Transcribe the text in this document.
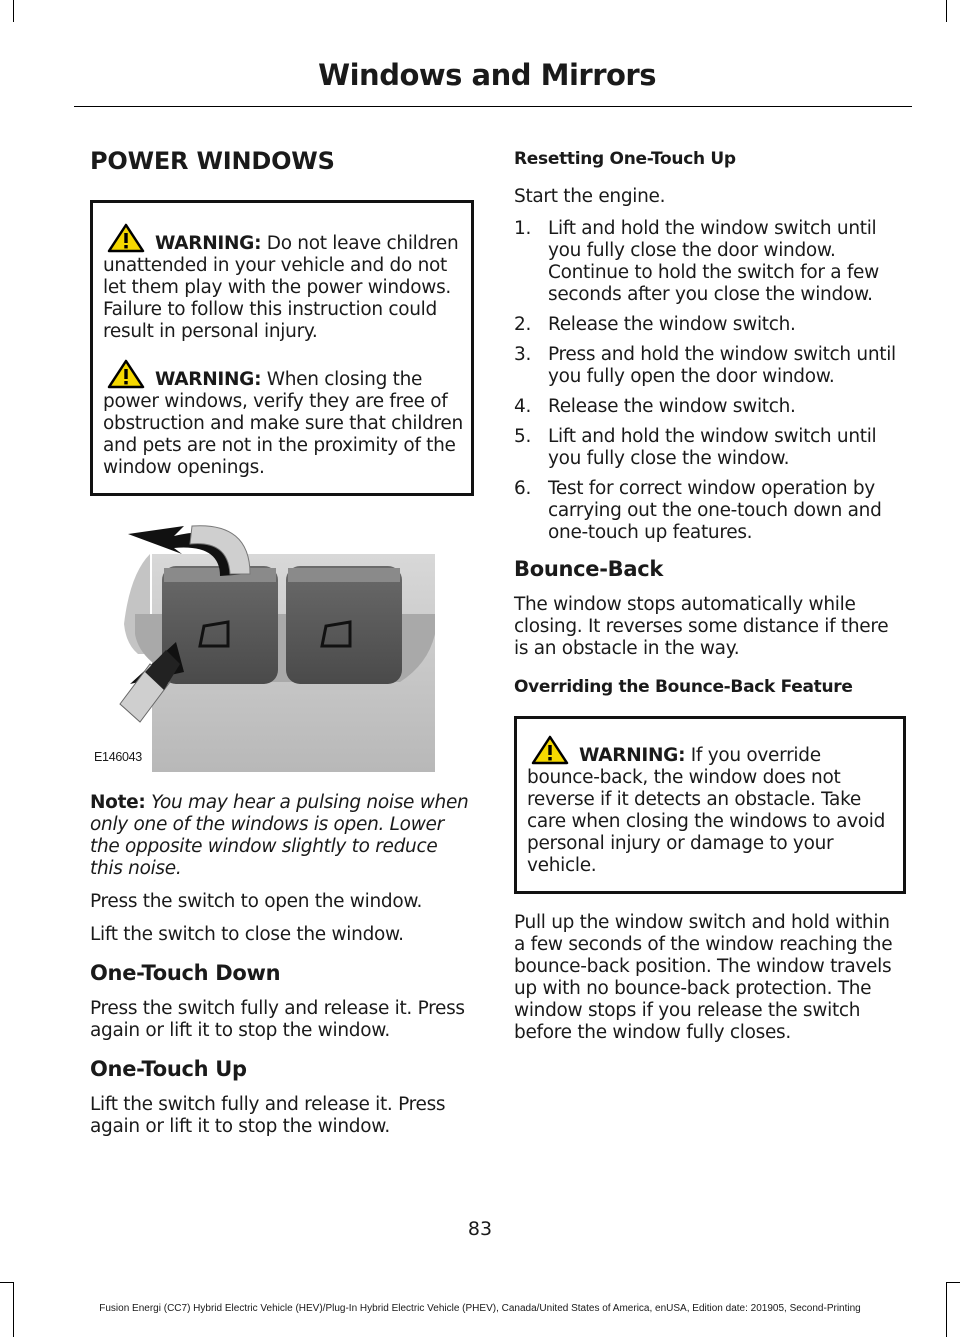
Windows and Mirrors
POWER WINDOWS

WARNING: Do not leave children unattended in your vehicle and do not let them play with the power windows. Failure to follow this instruction could result in personal injury.

WARNING: When closing the power windows, verify they are free of obstruction and make sure that children and pets are not in the proximity of the window openings.

E146043

Note: You may hear a pulsing noise when only one of the windows is open. Lower the opposite window slightly to reduce this noise.

Press the switch to open the window.

Lift the switch to close the window.

One-Touch Down

Press the switch fully and release it. Press again or lift it to stop the window.

One-Touch Up

Lift the switch fully and release it. Press again or lift it to stop the window.

Resetting One-Touch Up

Start the engine.

1. Lift and hold the window switch until you fully close the door window. Continue to hold the switch for a few seconds after you close the window.
2. Release the window switch.
3. Press and hold the window switch until you fully open the door window.
4. Release the window switch.
5. Lift and hold the window switch until you fully close the window.
6. Test for correct window operation by carrying out the one-touch down and one-touch up features.
Bounce-Back

The window stops automatically while closing. It reverses some distance if there is an obstacle in the way.

Overriding the Bounce-Back Feature

WARNING: If you override bounce-back, the window does not reverse if it detects an obstacle. Take care when closing the windows to avoid personal injury or damage to your vehicle.

Pull up the window switch and hold within a few seconds of the window reaching the bounce-back position. The window travels up with no bounce-back protection. The window stops if you release the switch before the window fully closes.

83
Fusion Energi (CC7) Hybrid Electric Vehicle (HEV)/Plug-In Hybrid Electric Vehicle (PHEV), Canada/United States of America, enUSA, Edition date: 201905, Second-Printing
